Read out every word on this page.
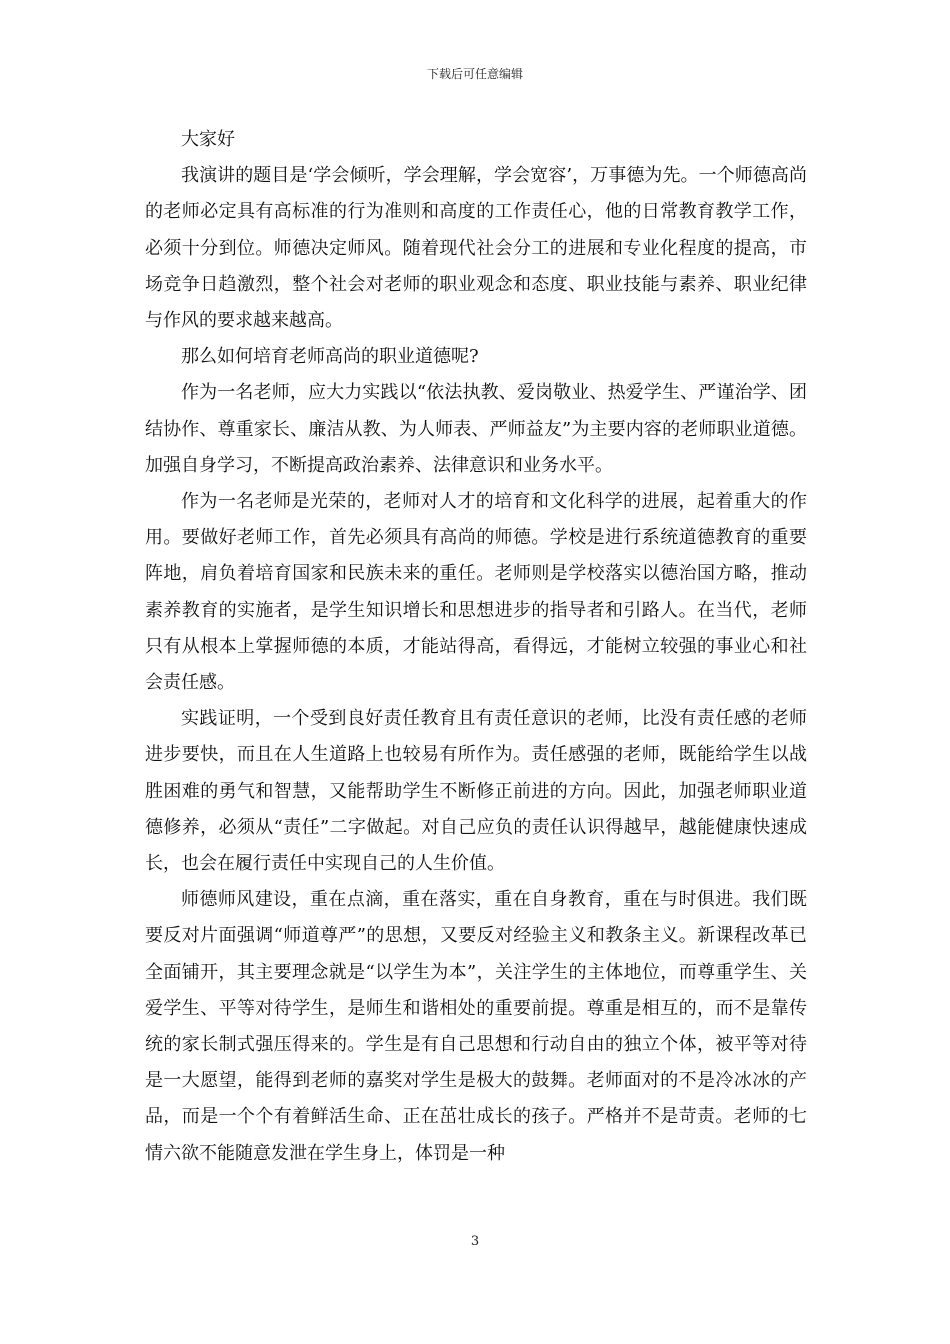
下载后可任意编辑

大家好

我演讲的题目是‘学会倾听，学会理解，学会宽容’，万事德为先。一个师德高尚的老师必定具有高标准的行为准则和高度的工作责任心，他的日常教育教学工作，必须十分到位。师德决定师风。随着现代社会分工的进展和专业化程度的提高，市场竞争日趋激烈，整个社会对老师的职业观念和态度、职业技能与素养、职业纪律与作风的要求越来越高。

那么如何培育老师高尚的职业道德呢?

作为一名老师，应大力实践以“依法执教、爱岗敬业、热爱学生、严谨治学、团结协作、尊重家长、廉洁从教、为人师表、严师益友”为主要内容的老师职业道德。加强自身学习，不断提高政治素养、法律意识和业务水平。

作为一名老师是光荣的，老师对人才的培育和文化科学的进展，起着重大的作用。要做好老师工作，首先必须具有高尚的师德。学校是进行系统道德教育的重要阵地，肩负着培育国家和民族未来的重任。老师则是学校落实以德治国方略，推动素养教育的实施者，是学生知识增长和思想进步的指导者和引路人。在当代，老师只有从根本上掌握师德的本质，才能站得高，看得远，才能树立较强的事业心和社会责任感。

实践证明，一个受到良好责任教育且有责任意识的老师，比没有责任感的老师进步要快，而且在人生道路上也较易有所作为。责任感强的老师，既能给学生以战胜困难的勇气和智慧，又能帮助学生不断修正前进的方向。因此，加强老师职业道德修养，必须从“责任”二字做起。对自己应负的责任认识得越早，越能健康快速成长，也会在履行责任中实现自己的人生价值。

师德师风建设，重在点滴，重在落实，重在自身教育，重在与时俱进。我们既要反对片面强调“师道尊严”的思想，又要反对经验主义和教条主义。新课程改革已全面铺开，其主要理念就是“以学生为本”，关注学生的主体地位，而尊重学生、关爱学生、平等对待学生，是师生和谐相处的重要前提。尊重是相互的，而不是靠传统的家长制式强压得来的。学生是有自己思想和行动自由的独立个体，被平等对待是一大愿望，能得到老师的嘉奖对学生是极大的鼓舞。老师面对的不是冷冰冰的产品，而是一个个有着鲜活生命、正在茁壮成长的孩子。严格并不是苛责。老师的七情六欲不能随意发泄在学生身上，体罚是一种

3
